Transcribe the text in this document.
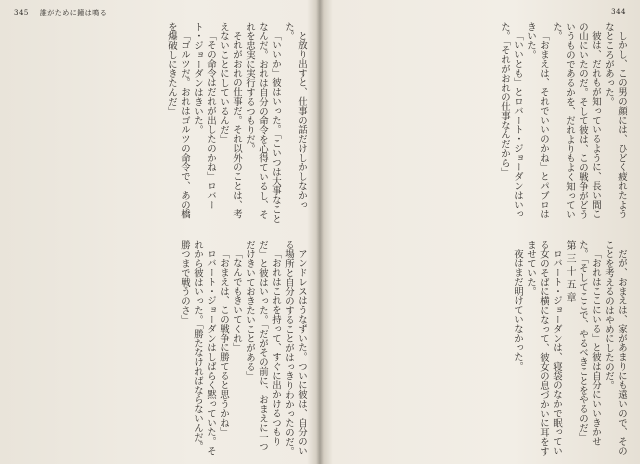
345 誰がために鐘は鳴る

と放り出すと、仕事の話だけしかしなかった。

「いいか」彼はいった。「こいつは大事なことなんだ。おれは自分の命令を心得ているし、それを忠実に実行するつもりだ。

それがおれの仕事だ。それ以外のことは、考えないことにしているんだ」

「その命令はだれが出したのかね」ロバート・ジョーダンはきいた。

「ゴルツだ。おれはゴルツの命令で、あの橋を爆破しにきたんだ」

アンドレスはうなずいた。ついに彼は、自分のいる場所と自分のすることがはっきりわかったのだ。

「おれはこれを持って、すぐに出かけるつもりだ」と彼はいった。「だがその前に、おまえに一つだけきいておきたいことがある」

「なんでもきいてくれ」

「おまえは、この戦争に勝てると思うかね」

ロバート・ジョーダンはしばらく黙っていた。それから彼はいった。「勝たなければならないんだ。勝つまで戦うのさ」

344

しかし、この男の顔には、ひどく疲れたようなところがあった。

彼は、だれもが知っているように、長い間この山にいたのだ。そして彼は、この戦争がどういうものであるかを、だれよりもよく知っていた。

「おまえは、それでいいのかね」とパブロはきいた。

「いいとも」とロバート・ジョーダンはいった。「それがおれの仕事なんだから」

だが、おまえは、家があまりにも遠いので、そのことを考えるのはやめにしたのだ。

「おれはここにいる」と彼は自分にいいきかせた。「そしてここで、やるべきことをやるのだ」

第三十五章

ロバート・ジョーダンは、寝袋のなかで眠っている女のそばに横になって、彼女の息づかいに耳をすませていた。

夜はまだ明けていなかった。
